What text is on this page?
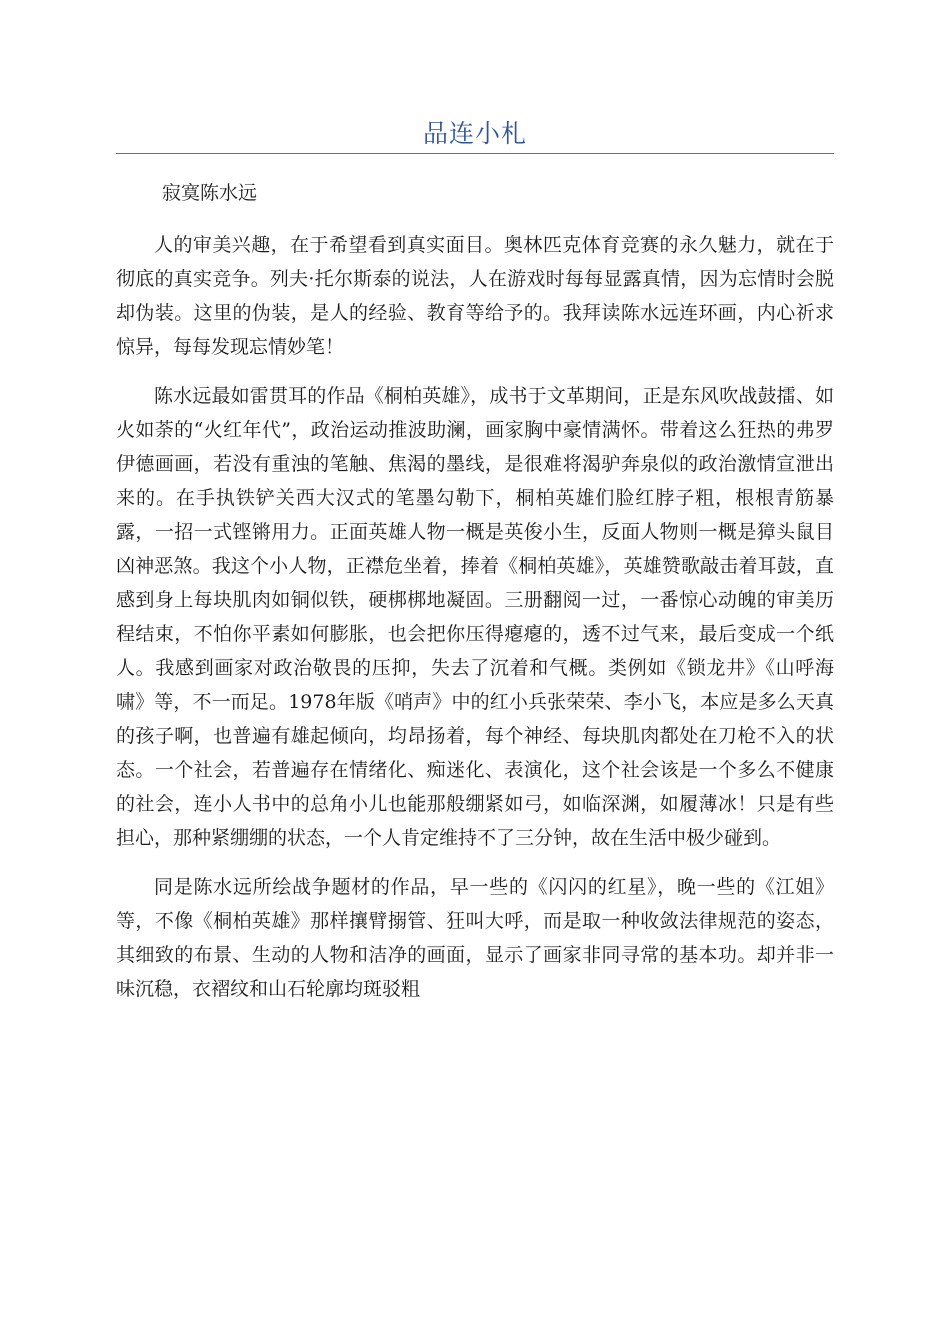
品连小札
寂寞陈水远

人的审美兴趣，在于希望看到真实面目。奥林匹克体育竞赛的永久魅力，就在于彻底的真实竞争。列夫·托尔斯泰的说法，人在游戏时每每显露真情，因为忘情时会脱却伪装。这里的伪装，是人的经验、教育等给予的。我拜读陈水远连环画，内心祈求惊异，每每发现忘情妙笔！

陈水远最如雷贯耳的作品《桐柏英雄》，成书于文革期间，正是东风吹战鼓擂、如火如荼的“火红年代”，政治运动推波助澜，画家胸中豪情满怀。带着这么狂热的弗罗伊德画画，若没有重浊的笔触、焦渴的墨线，是很难将渴驴奔泉似的政治激情宣泄出来的。在手执铁铲关西大汉式的笔墨勾勒下，桐柏英雄们脸红脖子粗，根根青筋暴露，一招一式铿锵用力。正面英雄人物一概是英俊小生，反面人物则一概是獐头鼠目凶神恶煞。我这个小人物，正襟危坐着，捧着《桐柏英雄》，英雄赞歌敲击着耳鼓，直感到身上每块肌肉如铜似铁，硬梆梆地凝固。三册翻阅一过，一番惊心动魄的审美历程结束，不怕你平素如何膨胀，也会把你压得瘪瘪的，透不过气来，最后变成一个纸人。我感到画家对政治敬畏的压抑，失去了沉着和气概。类例如《锁龙井》《山呼海啸》等，不一而足。1978年版《哨声》中的红小兵张荣荣、李小飞，本应是多么天真的孩子啊，也普遍有雄起倾向，均昂扬着，每个神经、每块肌肉都处在刀枪不入的状态。一个社会，若普遍存在情绪化、痴迷化、表演化，这个社会该是一个多么不健康的社会，连小人书中的总角小儿也能那般绷紧如弓，如临深渊，如履薄冰！只是有些担心，那种紧绷绷的状态，一个人肯定维持不了三分钟，故在生活中极少碰到。

同是陈水远所绘战争题材的作品，早一些的《闪闪的红星》，晚一些的《江姐》等，不像《桐柏英雄》那样攘臂搦管、狂叫大呼，而是取一种收敛法律规范的姿态，其细致的布景、生动的人物和洁净的画面，显示了画家非同寻常的基本功。却并非一味沉稳，衣褶纹和山石轮廓均斑驳粗
